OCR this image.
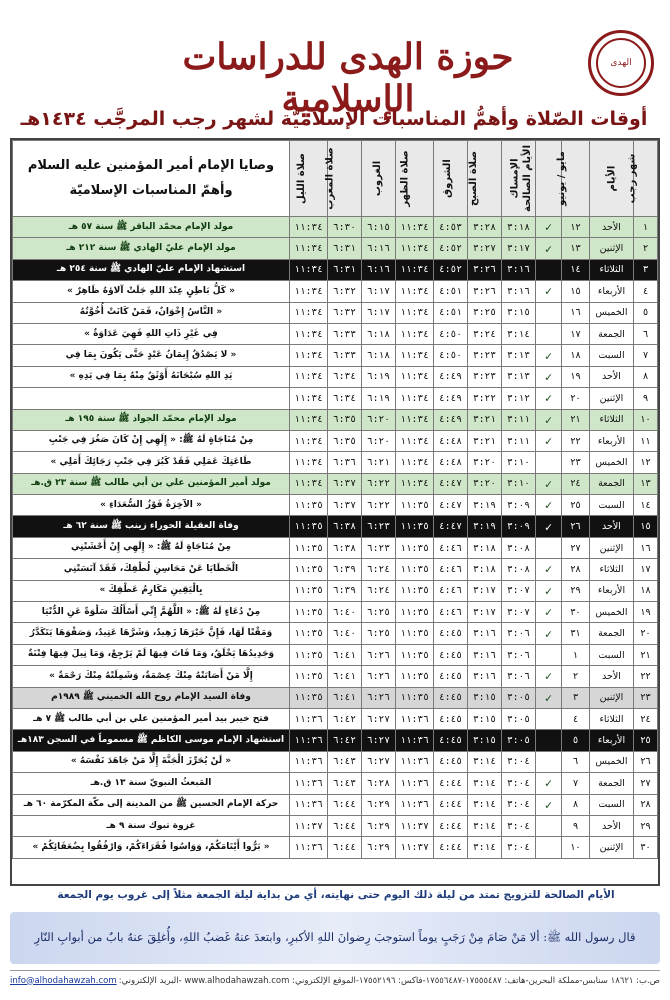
الهدى
حوزة الهدى للدراسات الإسلامية
أوقات الصّلاة وأهمُّ المناسبات الإسلاميّة لشهر رجب المرجَّب ١٤٣٤هـ
شهر رجب	الأيام	مايو / يونيو	الأيام الصالحة	الإمساك	صلاة الصبح	الشروق	صلاة الظهر	الغروب	صلاة المغرب	صلاة الليل	وصايا الإمام أمير المؤمنين عليه السلام
وأهمّ المناسبات الإسلاميّة

١	الأحد	١٢	✓	٣:١٨	٣:٢٨	٤:٥٣	١١:٣٤	٦:١٥	٦:٣٠	١١:٣٤	مولد الإمام محمّد الباقر ﷺ سنة ٥٧ هـ
٢	الإثنين	١٣	✓	٣:١٧	٣:٢٧	٤:٥٢	١١:٣٤	٦:١٦	٦:٣١	١١:٣٤	مولد الإمام عليّ الهادي ﷺ سنة ٢١٢ هـ
٣	الثلاثاء	١٤		٣:١٦	٣:٢٦	٤:٥٢	١١:٣٤	٦:١٦	٦:٣١	١١:٣٤	استشهاد الإمام عليّ الهادي ﷺ سنة ٢٥٤ هـ
٤	الأربعاء	١٥	✓	٣:١٦	٣:٢٦	٤:٥١	١١:٣٤	٦:١٧	٦:٣٢	١١:٣٤	« كَلُّ بَاطِنٍ عِنْدَ اللهِ جَلَتْ آلاؤهُ ظَاهِرٌ »
٥	الخميس	١٦		٣:١٥	٣:٢٥	٤:٥١	١١:٣٤	٦:١٧	٦:٣٢	١١:٣٤	« النَّاسُ إِخْوَانٌ، فَمَنْ كَانَتْ أُخُوَّتُهُ
٦	الجمعة	١٧		٣:١٤	٣:٢٤	٤:٥٠	١١:٣٤	٦:١٨	٦:٣٣	١١:٣٤	فِي غَيْرِ ذَاتِ اللهِ فَهِيَ عَدَاوَةٌ »
٧	السبت	١٨	✓	٣:١٣	٣:٢٣	٤:٥٠	١١:٣٤	٦:١٨	٦:٣٣	١١:٣٤	« لا يَصْدُقُ إِيمَانُ عَبْدٍ حَتَّى يَكُونَ بِمَا فِي
٨	الأحد	١٩	✓	٣:١٣	٣:٢٣	٤:٤٩	١١:٣٤	٦:١٩	٦:٣٤	١١:٣٤	يَدِ اللهِ سُبْحَانَهُ أَوْثَقُ مِنْهُ بِمَا فِي يَدِهِ »
٩	الإثنين	٢٠	✓	٣:١٢	٣:٢٢	٤:٤٩	١١:٣٤	٦:١٩	٦:٣٤	١١:٣٤	
١٠	الثلاثاء	٢١	✓	٣:١١	٣:٢١	٤:٤٩	١١:٣٤	٦:٢٠	٦:٣٥	١١:٣٤	مولد الإمام محمّد الجواد ﷺ سنة ١٩٥ هـ
١١	الأربعاء	٢٢	✓	٣:١١	٣:٢١	٤:٤٨	١١:٣٤	٦:٢٠	٦:٣٥	١١:٣٤	مِنْ مُنَاجَاةٍ لَهُ ﷺ: « إِلَهِي إِنْ كَانَ صَغُرَ فِي جَنْبِ
١٢	الخميس	٢٣		٣:١٠	٣:٢٠	٤:٤٨	١١:٣٤	٦:٢١	٦:٣٦	١١:٣٤	طَاعَتِكَ عَمَلِي فَقَدْ كَبُرَ فِي جَنْبِ رَجَائِكَ أَمَلِي »
١٣	الجمعة	٢٤	✓	٣:١٠	٣:٢٠	٤:٤٧	١١:٣٤	٦:٢٢	٦:٣٧	١١:٣٤	مولد أمير المؤمنين علي بن أبي طالب ﷺ سنة ٢٣ ق.هـ
١٤	السبت	٢٥	✓	٣:٠٩	٣:١٩	٤:٤٧	١١:٣٥	٦:٢٢	٦:٣٧	١١:٣٥	« الآخِرَةُ فَوْزُ السُّعَدَاءِ »
١٥	الأحد	٢٦	✓	٣:٠٩	٣:١٩	٤:٤٧	١١:٣٥	٦:٢٣	٦:٣٨	١١:٣٥	وفاة العقيلة الحوراء زينب ﷺ سنة ٦٢ هـ
١٦	الإثنين	٢٧		٣:٠٨	٣:١٨	٤:٤٦	١١:٣٥	٦:٢٣	٦:٣٨	١١:٣٥	مِنْ مُنَاجَاةٍ لَهُ ﷺ: « إِلَهِي إِنْ أَحْشَتْنِي
١٧	الثلاثاء	٢٨	✓	٣:٠٨	٣:١٨	٤:٤٦	١١:٣٥	٦:٢٤	٦:٣٩	١١:٣٥	الْخَطَايَا عَنْ مَحَاسِنِ لُطْفِكَ، فَقَدْ آنَسَتْنِي
١٨	الأربعاء	٢٩	✓	٣:٠٧	٣:١٧	٤:٤٦	١١:٣٥	٦:٢٤	٦:٣٩	١١:٣٥	بِالْيَقِينِ مَكَارِمُ عَطْفِكَ »
١٩	الخميس	٣٠	✓	٣:٠٧	٣:١٧	٤:٤٦	١١:٣٥	٦:٢٥	٦:٤٠	١١:٣٥	مِنْ دُعَاءٍ لَهُ ﷺ: « اللَّهُمَّ إِنِّي أَسْأَلُكَ سَلْوَةً عَنِ الدُّنْيَا
٢٠	الجمعة	٣١	✓	٣:٠٦	٣:١٦	٤:٤٥	١١:٣٥	٦:٢٥	٦:٤٠	١١:٣٥	وَمَقْتًا لَهَا، فَإِنَّ خَيْرَهَا زَهِيدٌ، وَشَرَّهَا عَتِيدٌ، وَصَفْوَهَا يَتَكَدَّرُ
٢١	السبت	١		٣:٠٦	٣:١٦	٤:٤٥	١١:٣٥	٦:٢٦	٦:٤١	١١:٣٥	وَجَدِيدُهَا يَخْلَقُ، وَمَا فَاتَ فِيهَا لَمْ يَرْجِعْ، وَمَا نِيلَ فِيهَا فِتْنَةٌ
٢٢	الأحد	٢	✓	٣:٠٦	٣:١٦	٤:٤٥	١١:٣٥	٦:٢٦	٦:٤١	١١:٣٥	إِلَّا مَنْ أَصَابَتْهُ مِنْكَ عِصْمَةٌ، وَشَمِلَتْهُ مِنْكَ رَحْمَةٌ »
٢٣	الإثنين	٣	✓	٣:٠٥	٣:١٥	٤:٤٥	١١:٣٥	٦:٢٦	٦:٤١	١١:٣٥	وفاة السيد الإمام روح الله الخميني ﷺ ١٩٨٩م
٢٤	الثلاثاء	٤		٣:٠٥	٣:١٥	٤:٤٥	١١:٣٦	٦:٢٧	٦:٤٢	١١:٣٦	فتح خيبر بيد أمير المؤمنين علي بن أبي طالب ﷺ ٧ هـ
٢٥	الأربعاء	٥		٣:٠٥	٣:١٥	٤:٤٥	١١:٣٦	٦:٢٧	٦:٤٢	١١:٣٦	استشهاد الإمام موسى الكاظم ﷺ مسموماً في السجن ١٨٣هـ
٢٦	الخميس	٦		٣:٠٤	٣:١٤	٤:٤٥	١١:٣٦	٦:٢٧	٦:٤٣	١١:٣٦	« لَنْ يُحَرِّزَ الْجَنَّةَ إِلَّا مَنْ جَاهَدَ نَفْسَهُ »
٢٧	الجمعة	٧	✓	٣:٠٤	٣:١٤	٤:٤٤	١١:٣٦	٦:٢٨	٦:٤٣	١١:٣٦	المَبعثُ النبويّ سنة ١٣ ق.هـ
٢٨	السبت	٨	✓	٣:٠٤	٣:١٤	٤:٤٤	١١:٣٦	٦:٢٩	٦:٤٤	١١:٣٦	حركة الإمام الحسين ﷺ من المدينة إلى مكّة المكرّمة ٦٠ هـ
٢٩	الأحد	٩		٣:٠٤	٣:١٤	٤:٤٤	١١:٣٧	٦:٢٩	٦:٤٤	١١:٣٧	غزوة تبوك سنة ٩ هـ
٣٠	الإثنين	١٠		٣:٠٤	٣:١٤	٤:٤٤	١١:٣٧	٦:٢٩	٦:٤٤	١١:٣٦	« بَرُّوا أَيْتَامَكُمْ، وَوَاسُوا فُقَرَاءَكُمْ، وَارْفُقُوا بِضُعَفَائِكُمْ »
الأيام الصالحة للتزويج تمتد من ليلة ذلك اليوم حتى نهايته، أي من بداية ليلة الجمعة مثلاً إلى غروب يوم الجمعة
قال رسول الله ﷺ: ألا مَنْ صَامَ مِنْ رَجَبٍ يوماً استوجبَ رِضوانَ اللهِ الأكبرِ، وابتعدَ عنهُ غَضبُ اللهِ، وأُغلِقَ عنهُ بابٌ من أبوابِ النّارِ
ص.ب: ١٨٦٢١ سنابس-مملكة البحرين-هاتف: ١٧٥٥٥٤٨٧-١٧٥٥٦٤٨٧-فاكس: ١٧٥٥٢١٩٦-الموقع الإلكتروني: www.alhodahawzah.com -البريد الإلكتروني:
info@alhodahawzah.com
